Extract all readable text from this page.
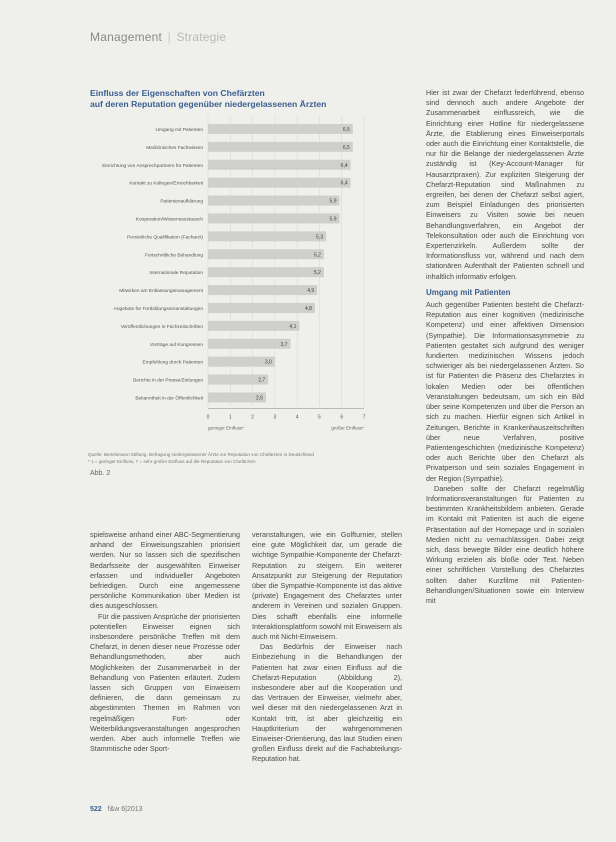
Management | Strategie
Einfluss der Eigenschaften von Chefärzten
auf deren Reputation gegenüber niedergelassenen Ärzten
6,5
Umgang mit Patienten
6,5
Medizinisches Fachwissen
6,4
Einrichtung von Ansprechpartnern für Patienten
6,4
Kontakt zu Kollegen/Erreichbarkeit
5,9
Patientenaufklärung
5,9
Kooperation/Wissensaustausch
5,3
Persönliche Qualifikation (Facharzt)
5,2
Fortschrittliche Behandlung
5,2
Internationale Reputation
4,9
Mitwirken am Entlassungsmanagement
4,8
Angebote für Fortbildungsveranstaltungen
4,1
Veröffentlichungen in Fachzeitschriften
3,7
Vorträge auf Kongressen
3,0
Empfehlung durch Patienten
2,7
Berichte in der Presse/Zeitungen
2,6
Bekanntheit in der Öffentlichkeit
0	1	2	3	4	5	6	7
geringer Einfluss*	großer Einfluss*
Quelle: Bertelsmann Stiftung, Befragung niedergelassener Ärzte zur Reputation von Chefärzten in Deutschland
* 1 = geringer Einfluss, 7 = sehr großer Einfluss auf die Reputation von Chefärzten
Abb. 2

spielsweise anhand einer ABC-Segmentierung anhand der Einweisungszahlen priorisiert werden. Nur so lassen sich die spezifischen Bedarfsseite der ausgewählten Einweiser erfassen und individueller Angeboten befriedigen. Durch eine angemessene persönliche Kommunikation über Medien ist dies ausgeschlossen.

Für die passiven Ansprüche der priorisierten potentiellen Einweiser eignen sich insbesondere persönliche Treffen mit dem Chefarzt, in denen dieser neue Prozesse oder Behandlungsmethoden, aber auch Möglichkeiten der Zusammenarbeit in der Behandlung von Patienten erläutert. Zudem lassen sich Gruppen von Einweisern definieren, die dann gemeinsam zu abgestimmten Themen im Rahmen von regelmäßigen Fort- oder Weiterbildungsveranstaltungen angesprochen werden. Aber auch informelle Treffen wie Stammtische oder Sport-

veranstaltungen, wie ein Golfturnier, stellen eine gute Möglichkeit dar, um gerade die wichtige Sympathie-Komponente der Chefarzt-Reputation zu steigern. Ein weiterer Ansatzpunkt zur Steigerung der Reputation über die Sympathie-Komponente ist das aktive (private) Engagement des Chefarztes unter anderem in Vereinen und sozialen Gruppen. Dies schafft ebenfalls eine informelle Interaktionsplattform sowohl mit Einweisern als auch mit Nicht-Einweisern.

Das Bedürfnis der Einweiser nach Einbeziehung in die Behandlungen der Patienten hat zwar einen Einfluss auf die Chefarzt-Reputation (Abbildung 2), insbesondere aber auf die Kooperation und das Vertrauen der Einweiser, vielmehr aber, weil dieser mit den niedergelassenen Arzt in Kontakt tritt, ist aber gleichzeitig ein Hauptkriterium der wahrgenommenen Einweiser-Orientierung, das laut Studien einen großen Einfluss direkt auf die Fachabteilungs-Reputation hat.

Hier ist zwar der Chefarzt federführend, ebenso sind dennoch auch andere Angebote der Zusammenarbeit einflussreich, wie die Einrichtung einer Hotline für niedergelassene Ärzte, die Etablierung eines Einweiserportals oder auch die Einrichtung einer Kontaktstelle, die nur für die Belange der niedergelassenen Ärzte zuständig ist (Key-Account-Manager für Hausarztpraxen). Zur expliziten Steigerung der Chefarzt-Reputation sind Maßnahmen zu ergreifen, bei denen der Chefarzt selbst agiert, zum Beispiel Einladungen des priorisierten Einweisers zu Visiten sowie bei neuen Behandlungsverfahren, ein Angebot der Telekonsultation oder auch die Einrichtung von Expertenzirkeln. Außerdem sollte der Informationsfluss vor, während und nach dem stationären Aufenthalt der Patienten schnell und inhaltlich informativ erfolgen.

Umgang mit Patienten

Auch gegenüber Patienten besteht die Chefarzt-Reputation aus einer kognitiven (medizinische Kompetenz) und einer affektiven Dimension (Sympathie). Die Informationsasymmetrie zu Patienten gestaltet sich aufgrund des weniger fundierten medizinischen Wissens jedoch schwieriger als bei niedergelassenen Ärzten. So ist für Patienten die Präsenz des Chefarztes in lokalen Medien oder bei öffentlichen Veranstaltungen bedeutsam, um sich ein Bild über seine Kompetenzen und über die Person an sich zu machen. Hierfür eignen sich Artikel in Zeitungen, Berichte in Krankenhauszeitschriften über neue Verfahren, positive Patientengeschichten (medizinische Kompetenz) oder auch Berichte über den Chefarzt als Privatperson und sein soziales Engagement in der Region (Sympathie).

Daneben sollte der Chefarzt regelmäßig Informationsveranstaltungen für Patienten zu bestimmten Krankheitsbildern anbieten. Gerade im Kontakt mit Patienten ist auch die eigene Präsentation auf der Homepage und in sozialen Medien nicht zu vernachlässigen. Dabei zeigt sich, dass bewegte Bilder eine deutlich höhere Wirkung erzielen als bloße oder Text. Neben einer schriftlichen Vorstellung des Chefarztes sollten daher Kurzfilme mit Patienten-Behandlungen/Situationen sowie ein Interview mit

522 f&w 6|2013
